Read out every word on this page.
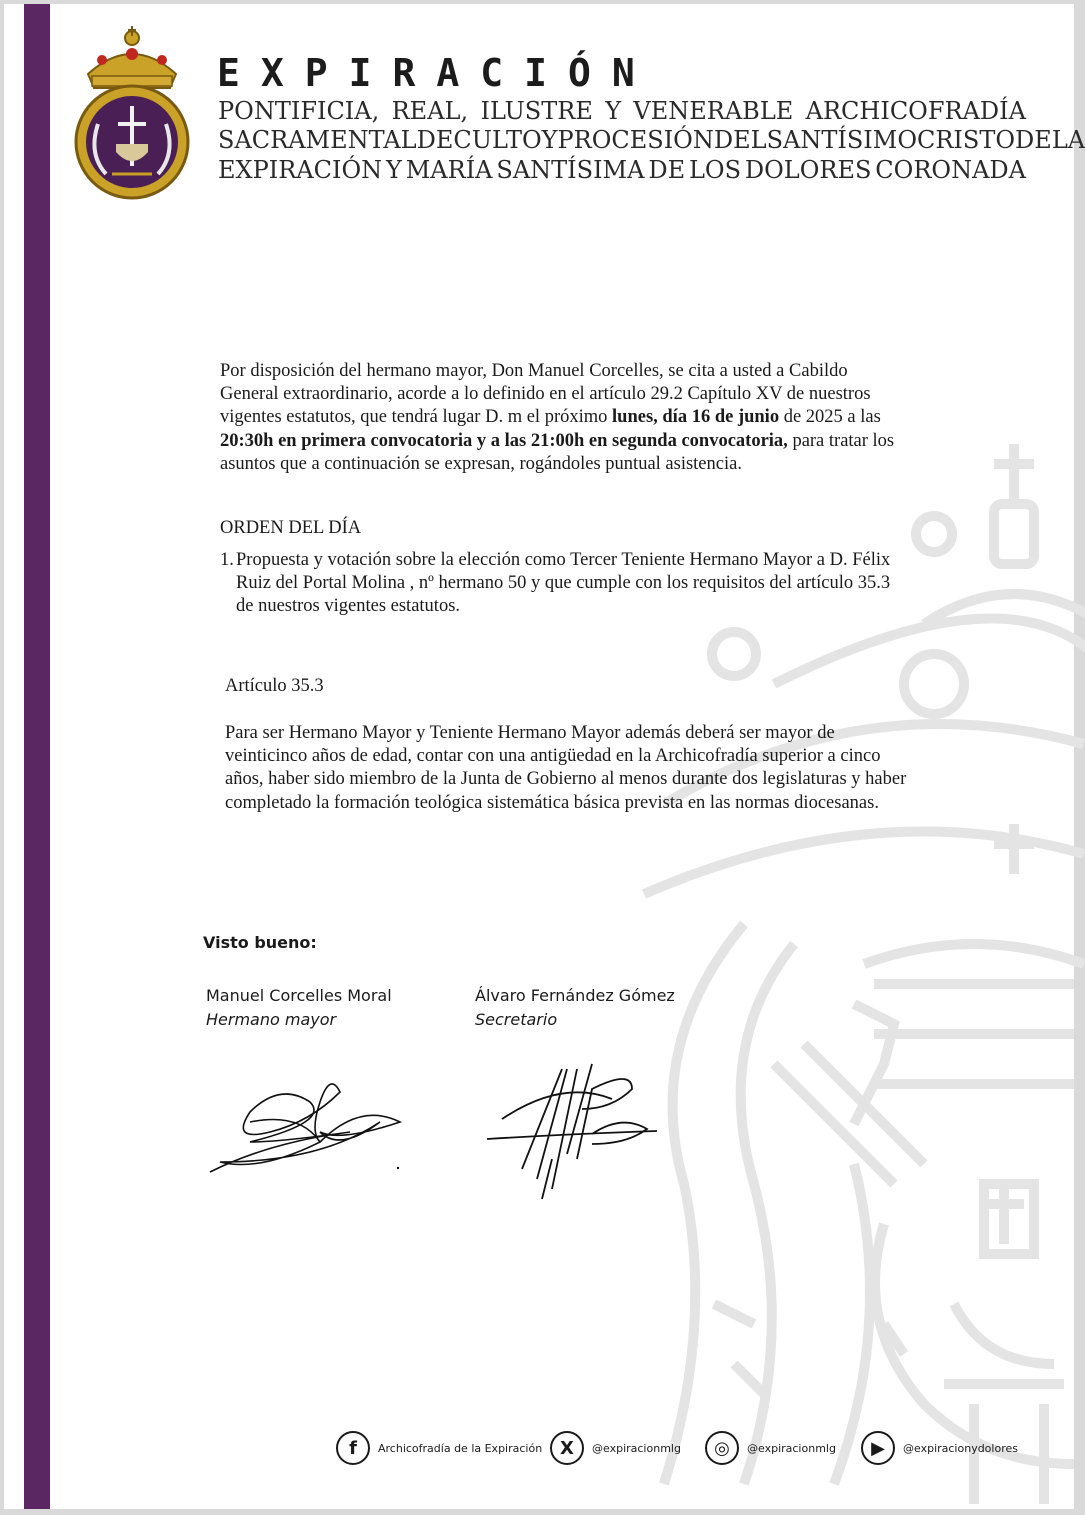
EXPIRACIÓN
PONTIFICIA, REAL, ILUSTRE Y VENERABLE ARCHICOFRADÍA
SACRAMENTAL DE CULTO Y PROCESIÓN DEL SANTÍSIMO CRISTO DE LA
EXPIRACIÓN Y MARÍA SANTÍSIMA DE LOS DOLORES CORONADA
Por disposición del hermano mayor, Don Manuel Corcelles, se cita a usted a Cabildo General extraordinario, acorde a lo definido en el artículo 29.2 Capítulo XV de nuestros vigentes estatutos, que tendrá lugar D. m el próximo lunes, día 16 de junio de 2025 a las 20:30h en primera convocatoria y a las 21:00h en segunda convocatoria, para tratar los asuntos que a continuación se expresan, rogándoles puntual asistencia.
ORDEN DEL DÍA
1. Propuesta y votación sobre la elección como Tercer Teniente Hermano Mayor a D. Félix Ruiz del Portal Molina , nº hermano 50 y que cumple con los requisitos del artículo 35.3 de nuestros vigentes estatutos.
Artículo 35.3
Para ser Hermano Mayor y Teniente Hermano Mayor además deberá ser mayor de veinticinco años de edad, contar con una antigüedad en la Archicofradía superior a cinco años, haber sido miembro de la Junta de Gobierno al menos durante dos legislaturas y haber completado la formación teológica sistemática básica prevista en las normas diocesanas.
Visto bueno:
Manuel Corcelles Moral
Hermano mayor
Álvaro Fernández Gómez
Secretario
f	Archicofradía de la Expiración X	@expiracionmlg	◎	@expiracionmlg	▶	@expiracionydolores
